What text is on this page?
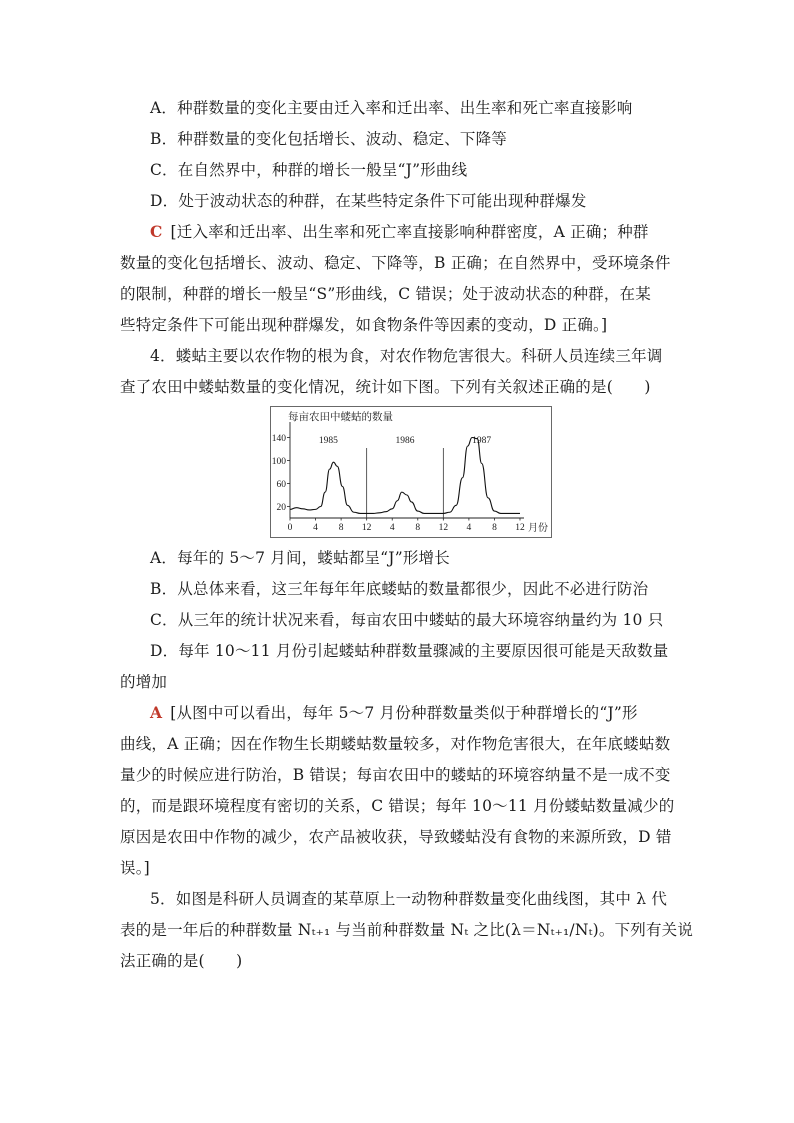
A．种群数量的变化主要由迁入率和迁出率、出生率和死亡率直接影响
B．种群数量的变化包括增长、波动、稳定、下降等
C．在自然界中，种群的增长一般呈“J”形曲线
D．处于波动状态的种群，在某些特定条件下可能出现种群爆发
C [迁入率和迁出率、出生率和死亡率直接影响种群密度，A 正确；种群
数量的变化包括增长、波动、稳定、下降等，B 正确；在自然界中，受环境条件
的限制，种群的增长一般呈“S”形曲线，C 错误；处于波动状态的种群，在某
些特定条件下可能出现种群爆发，如食物条件等因素的变动，D 正确。]
4．蝼蛄主要以农作物的根为食，对农作物危害很大。科研人员连续三年调
查了农田中蝼蛄数量的变化情况，统计如下图。下列有关叙述正确的是(　　)
每亩农田中蝼蛄的数量
20
60
100
140
0 4 8 12 4 8 12 4 8 12 月份
1985	1986	1987
A．每年的 5～7 月间，蝼蛄都呈“J”形增长
B．从总体来看，这三年每年年底蝼蛄的数量都很少，因此不必进行防治
C．从三年的统计状况来看，每亩农田中蝼蛄的最大环境容纳量约为 10 只
D．每年 10～11 月份引起蝼蛄种群数量骤减的主要原因很可能是天敌数量
的增加
A [从图中可以看出，每年 5～7 月份种群数量类似于种群增长的“J”形
曲线，A 正确；因在作物生长期蝼蛄数量较多，对作物危害很大，在年底蝼蛄数
量少的时候应进行防治，B 错误；每亩农田中的蝼蛄的环境容纳量不是一成不变
的，而是跟环境程度有密切的关系，C 错误；每年 10～11 月份蝼蛄数量减少的
原因是农田中作物的减少，农产品被收获，导致蝼蛄没有食物的来源所致，D 错
误。]
5．如图是科研人员调查的某草原上一动物种群数量变化曲线图，其中 λ 代
表的是一年后的种群数量 Nₜ₊₁ 与当前种群数量 Nₜ 之比(λ＝Nₜ₊₁/Nₜ)。下列有关说
法正确的是(　　)
